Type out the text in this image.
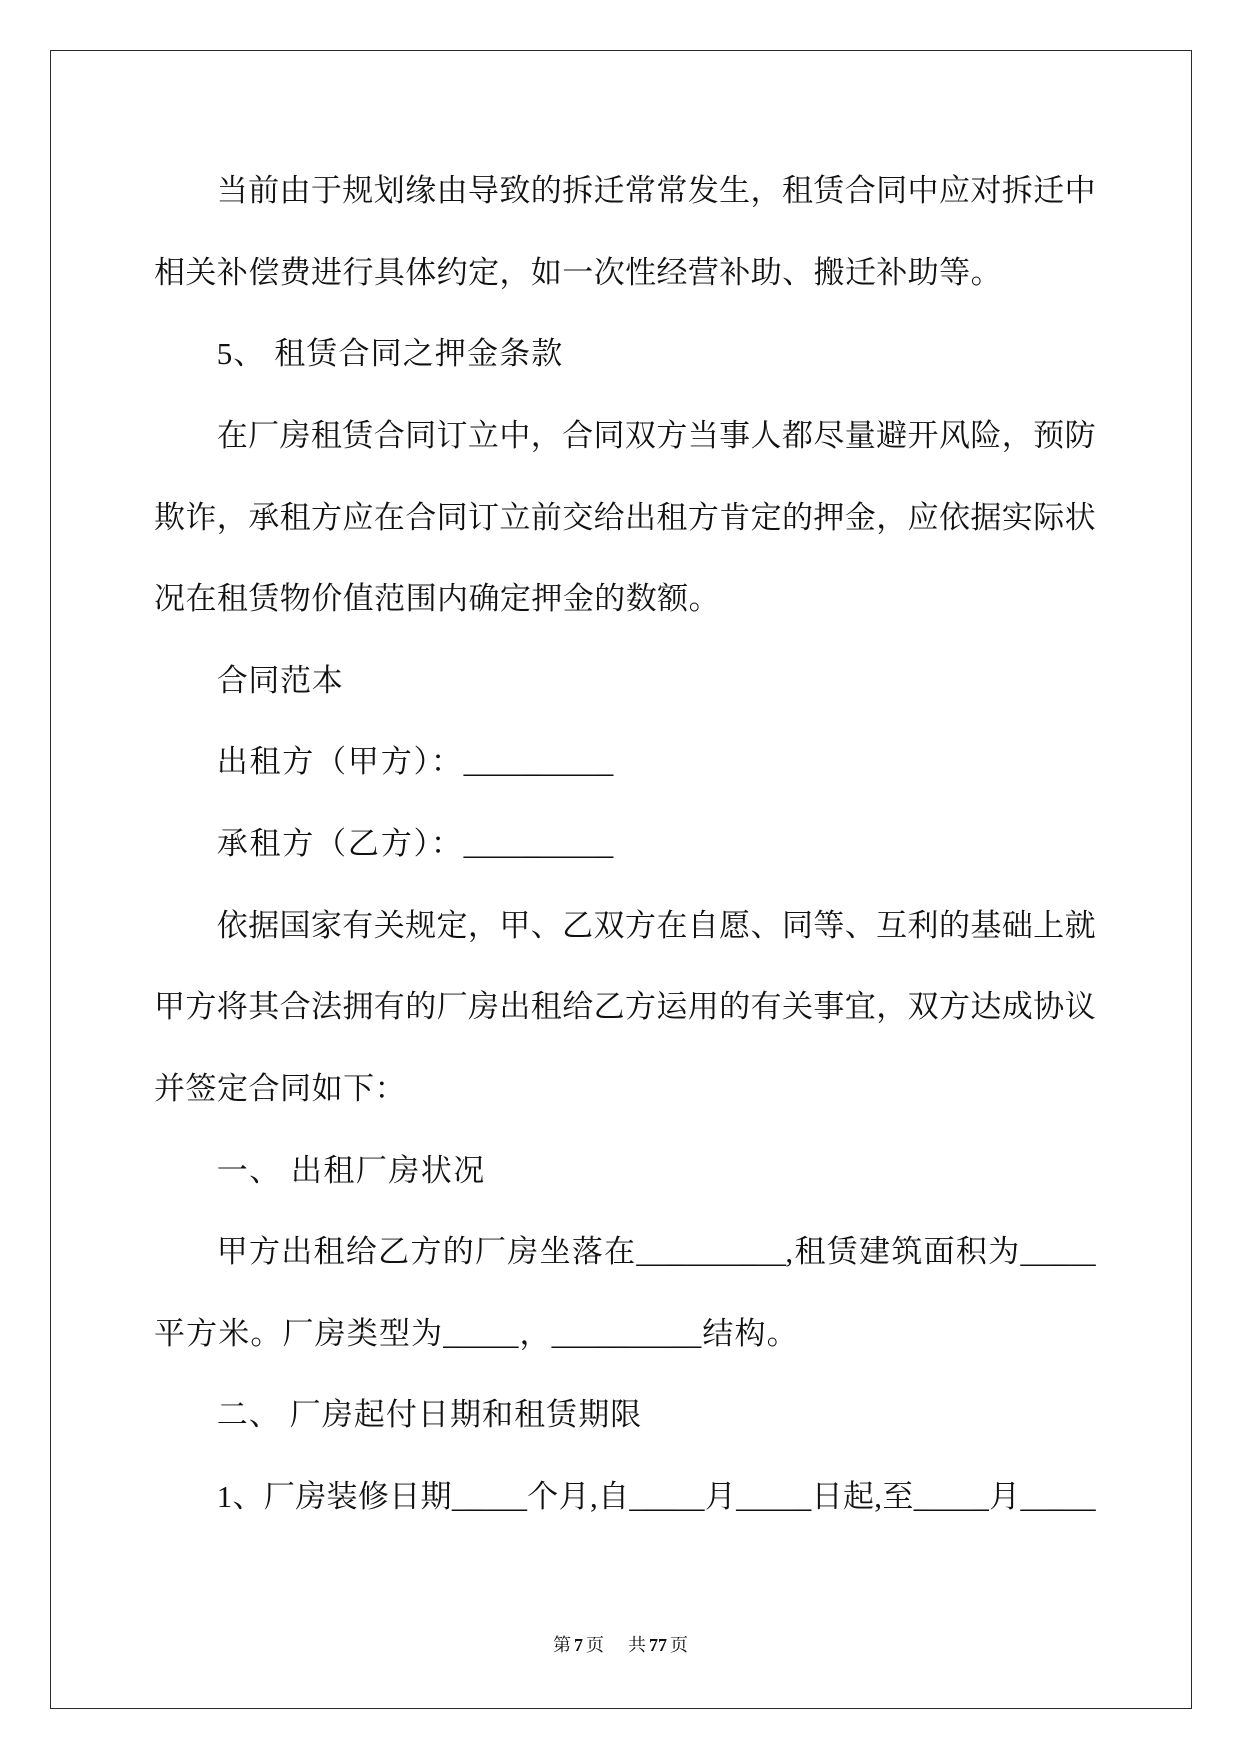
当前由于规划缘由导致的拆迁常常发生，租赁合同中应对拆迁中
相关补偿费进行具体约定，如一次性经营补助、搬迁补助等。
5、 租赁合同之押金条款
在厂房租赁合同订立中，合同双方当事人都尽量避开风险，预防
欺诈，承租方应在合同订立前交给出租方肯定的押金，应依据实际状
况在租赁物价值范围内确定押金的数额。
合同范本
出租方（甲方）：__________
承租方（乙方）：__________
依据国家有关规定，甲、乙双方在自愿、同等、互利的基础上就
甲方将其合法拥有的厂房出租给乙方运用的有关事宜，双方达成协议
并签定合同如下：
一、 出租厂房状况
甲方出租给乙方的厂房坐落在__________,租赁建筑面积为_____
平方米。厂房类型为_____，__________结构。
二、 厂房起付日期和租赁期限
1、厂房装修日期_____个月,自_____月_____日起,至_____月_____
第 7 页 共 77 页
